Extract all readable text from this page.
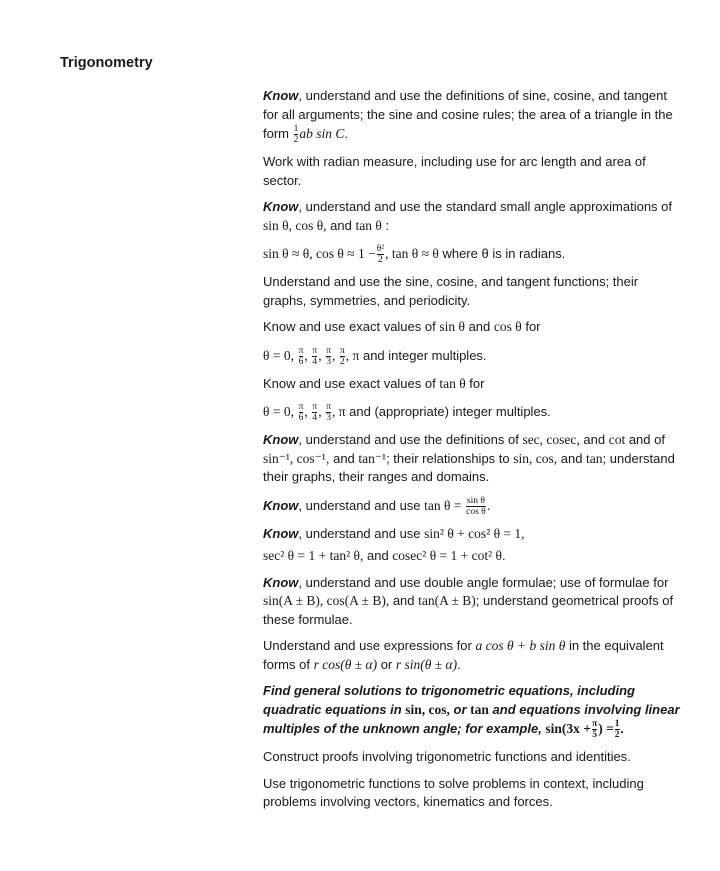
Trigonometry

Know, understand and use the definitions of sine, cosine, and tangent for all arguments; the sine and cosine rules; the area of a triangle in the form $\frac{1}{2}$ ab sin C.

Work with radian measure, including use for arc length and area of sector.

Know, understand and use the standard small angle approximations of sin θ, cos θ, and tan θ :

sin θ ≈ θ, $\cos \theta \approx 1 - \frac{\text{θ²}}{2}$ , tan θ ≈ θ where θ is in radians.

Understand and use the sine, cosine, and tangent functions; their graphs, symmetries, and periodicity.

Know and use exact values of sin θ and cos θ for

θ = 0, $\frac{\pi}{6}$ , $\frac{\pi}{4}$ , $\frac{\pi}{3}$ , $\frac{\pi}{2}$ , π and integer multiples.

Know and use exact values of tan θ for

θ = 0, $\frac{\pi}{6}$ , $\frac{\pi}{4}$ , $\frac{\pi}{3}$ , π and (appropriate) integer multiples.

Know, understand and use the definitions of sec, cosec, and cot and of sin⁻¹, cos⁻¹, and tan⁻¹; their relationships to sin, cos, and tan; understand their graphs, their ranges and domains.

Know, understand and use $\tan \theta = \frac{\text{sin θ}}{\text{cos θ}}$ .

Know, understand and use sin² θ + cos² θ = 1,

sec² θ = 1 + tan² θ, and cosec² θ = 1 + cot² θ.

Know, understand and use double angle formulae; use of formulae for sin(A ± B), cos(A ± B), and tan(A ± B); understand geometrical proofs of these formulae.

Understand and use expressions for a cos θ + b sin θ in the equivalent forms of r cos(θ ± α) or r sin(θ ± α).

Find general solutions to trigonometric equations, including quadratic equations in sin, cos, or tan and equations involving linear multiples of the unknown angle; for example, $\sin(3x + \frac{\pi}{5}$ ) = $\frac{1}{2}$ .

Construct proofs involving trigonometric functions and identities.

Use trigonometric functions to solve problems in context, including problems involving vectors, kinematics and forces.
